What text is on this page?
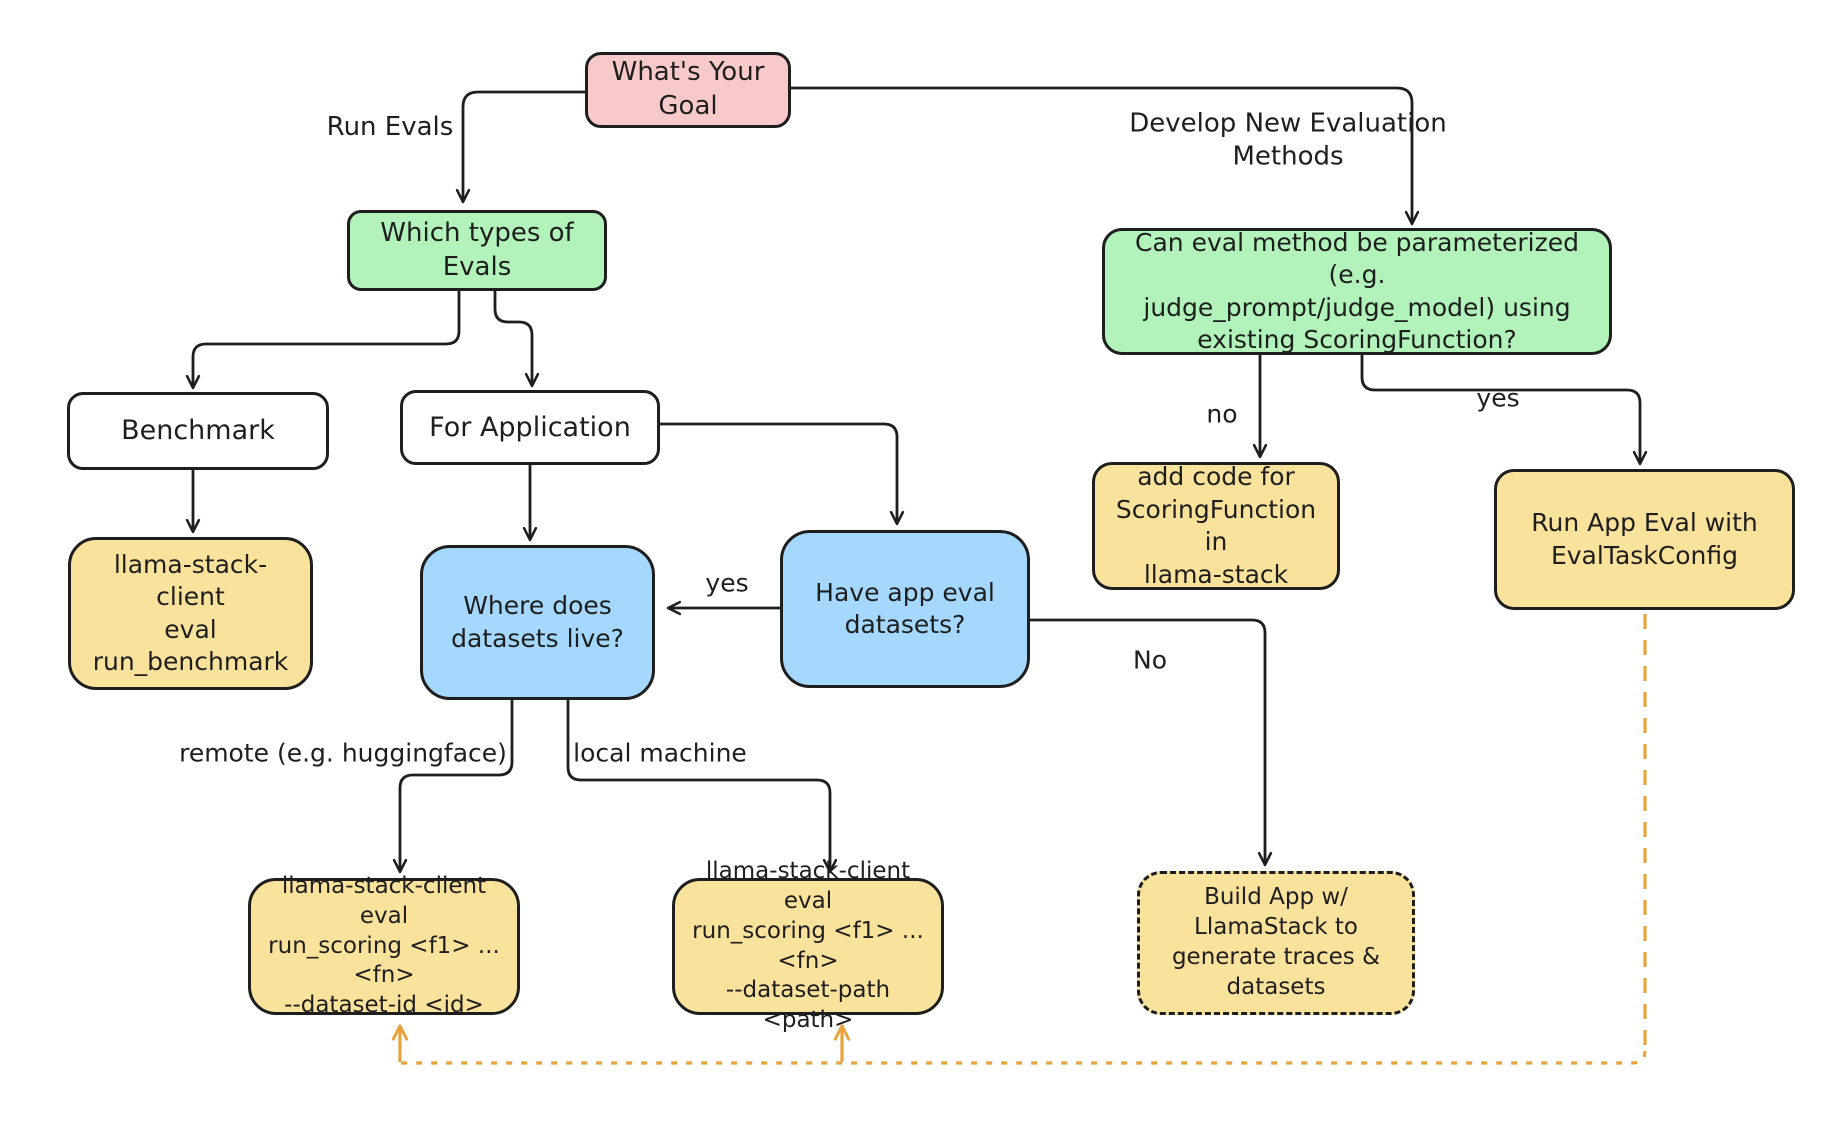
What's Your
Goal
Which types of
Evals
Can eval method be parameterized (e.g.
judge_prompt/judge_model) using
existing ScoringFunction?
Benchmark	For Application
llama-stack-client
eval run_benchmark
Where does
datasets live?
Have app eval
datasets?
add code for
ScoringFunction in
llama-stack
Run App Eval with
EvalTaskConfig
llama-stack-client eval
run_scoring <f1> ... <fn>
--dataset-id <id>
llama-stack-client eval
run_scoring <f1> ... <fn>
--dataset-path <path>
Build App w/
LlamaStack to
generate traces &
datasets
Run Evals	Develop New Evaluation
Methods
no
yes
yes
No
remote (e.g. huggingface)	local machine
